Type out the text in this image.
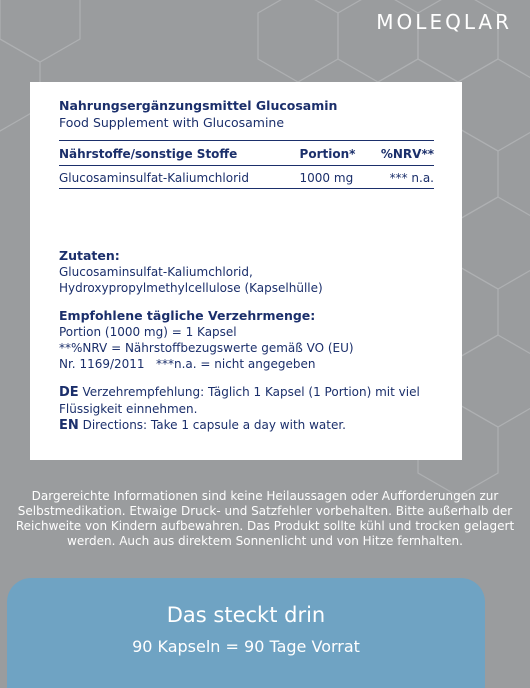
MOLEQLAR

Nahrungsergänzungsmittel Glucosamin

Food Supplement with Glucosamine

Nährstoffe/sonstige Stoffe	Portion*	%NRV**
Glucosaminsulfat-Kaliumchlorid	1000 mg	*** n.a.

Zutaten:

Glucosaminsulfat-Kaliumchlorid,

Hydroxypropylmethylcellulose (Kapselhülle)

Empfohlene tägliche Verzehrmenge:

Portion (1000 mg) = 1 Kapsel

**%NRV = Nährstoffbezugswerte gemäß VO (EU)

Nr. 1169/2011   ***n.a. = nicht angegeben

DE Verzehrempfehlung: Täglich 1 Kapsel (1 Portion) mit viel Flüssigkeit einnehmen.

EN Directions: Take 1 capsule a day with water.

Dargereichte Informationen sind keine Heilaussagen oder Aufforderungen zur
Selbstmedikation. Etwaige Druck- und Satzfehler vorbehalten. Bitte außerhalb der
Reichweite von Kindern aufbewahren. Das Produkt sollte kühl und trocken gelagert
werden. Auch aus direktem Sonnenlicht und von Hitze fernhalten.
Das steckt drin
90 Kapseln = 90 Tage Vorrat
